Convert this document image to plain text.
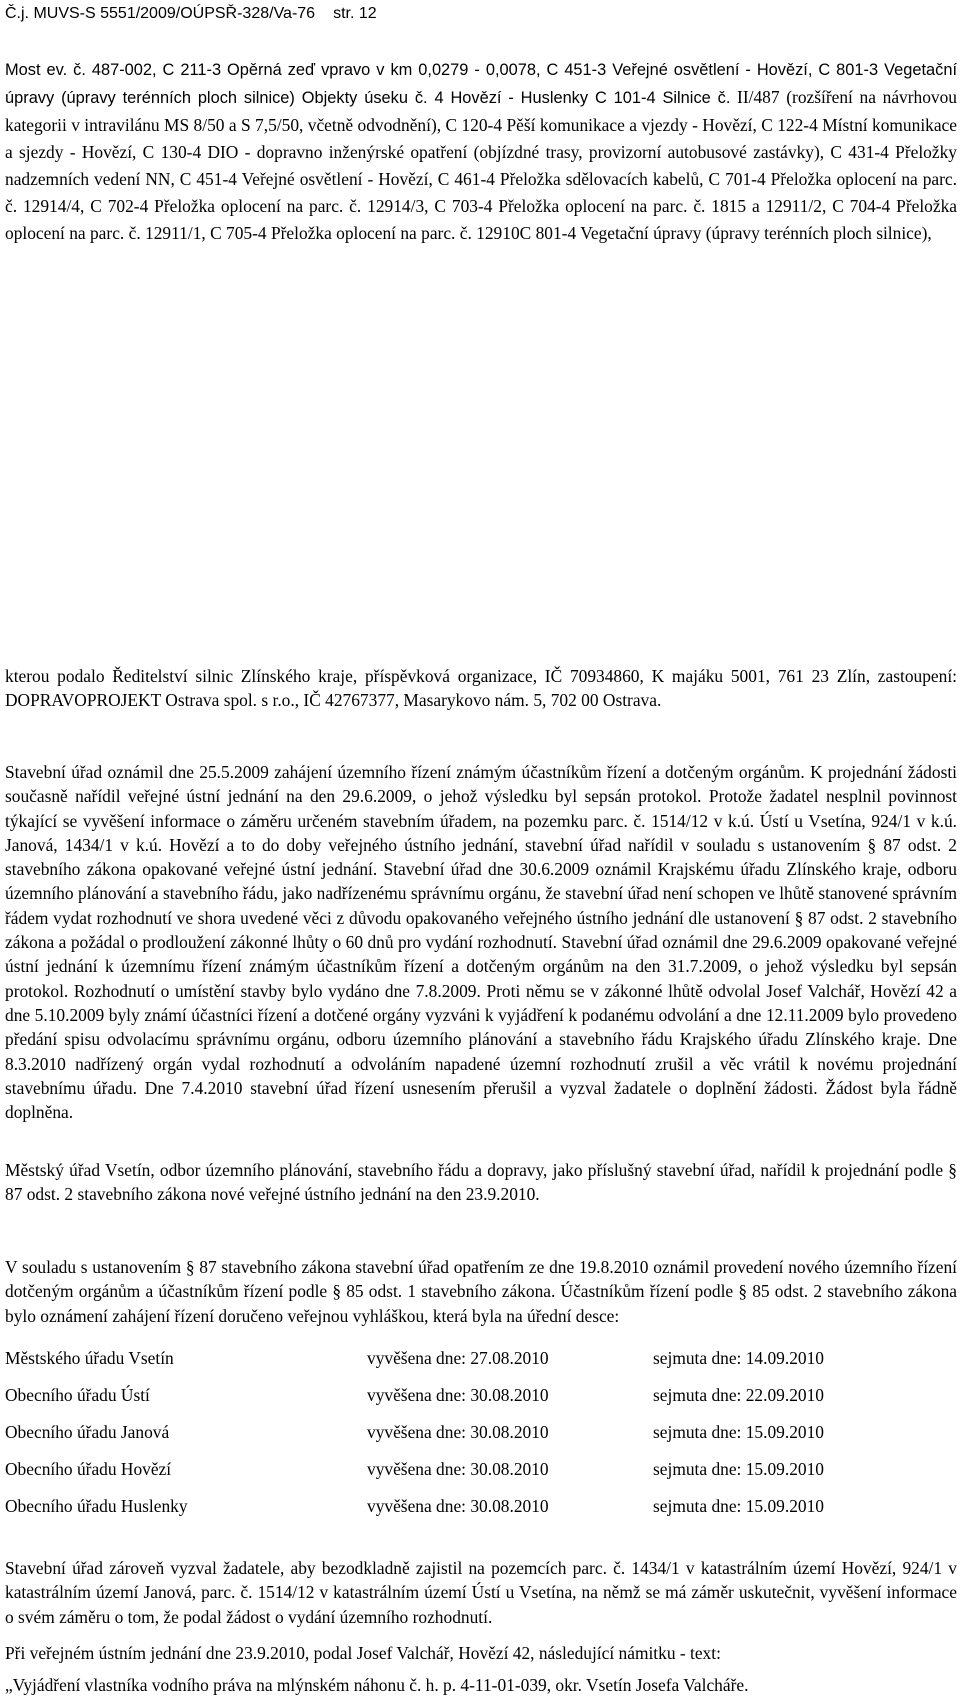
Č.j. MUVS-S 5551/2009/OÚPSŘ-328/Va-76 str. 12
Most ev. č. 487-002, C 211-3 Opěrná zeď vpravo v km 0,0279 - 0,0078, C 451-3 Veřejné osvětlení - Hovězí, C 801-3 Vegetační úpravy (úpravy terénních ploch silnice) Objekty úseku č. 4 Hovězí - Huslenky C 101-4 Silnice č. II/487 (rozšíření na návrhovou kategorii v intravilánu MS 8/50 a S 7,5/50, včetně odvodnění), C 120-4 Pěší komunikace a vjezdy - Hovězí, C 122-4 Místní komunikace a sjezdy - Hovězí, C 130-4 DIO - dopravno inženýrské opatření (objízdné trasy, provizorní autobusové zastávky), C 431-4 Přeložky nadzemních vedení NN, C 451-4 Veřejné osvětlení - Hovězí, C 461-4 Přeložka sdělovacích kabelů, C 701-4 Přeložka oplocení na parc. č. 12914/4, C 702-4 Přeložka oplocení na parc. č. 12914/3, C 703-4 Přeložka oplocení na parc. č. 1815 a 12911/2, C 704-4 Přeložka oplocení na parc. č. 12911/1, C 705-4 Přeložka oplocení na parc. č. 12910C 801-4 Vegetační úpravy (úpravy terénních ploch silnice),

kterou podalo Ředitelství silnic Zlínského kraje, příspěvková organizace, IČ 70934860, K majáku 5001, 761 23 Zlín, zastoupení: DOPRAVOPROJEKT Ostrava spol. s r.o., IČ 42767377, Masarykovo nám. 5, 702 00 Ostrava.

Stavební úřad oznámil dne 25.5.2009 zahájení územního řízení známým účastníkům řízení a dotčeným orgánům. K projednání žádosti současně nařídil veřejné ústní jednání na den 29.6.2009, o jehož výsledku byl sepsán protokol. Protože žadatel nesplnil povinnost týkající se vyvěšení informace o záměru určeném stavebním úřadem, na pozemku parc. č. 1514/12 v k.ú. Ústí u Vsetína, 924/1 v k.ú. Janová, 1434/1 v k.ú. Hovězí a to do doby veřejného ústního jednání, stavební úřad nařídil v souladu s ustanovením § 87 odst. 2 stavebního zákona opakované veřejné ústní jednání. Stavební úřad dne 30.6.2009 oznámil Krajskému úřadu Zlínského kraje, odboru územního plánování a stavebního řádu, jako nadřízenému správnímu orgánu, že stavební úřad není schopen ve lhůtě stanovené správním řádem vydat rozhodnutí ve shora uvedené věci z důvodu opakovaného veřejného ústního jednání dle ustanovení § 87 odst. 2 stavebního zákona a požádal o prodloužení zákonné lhůty o 60 dnů pro vydání rozhodnutí. Stavební úřad oznámil dne 29.6.2009 opakované veřejné ústní jednání k územnímu řízení známým účastníkům řízení a dotčeným orgánům na den 31.7.2009, o jehož výsledku byl sepsán protokol. Rozhodnutí o umístění stavby bylo vydáno dne 7.8.2009. Proti němu se v zákonné lhůtě odvolal Josef Valchář, Hovězí 42 a dne 5.10.2009 byly známí účastníci řízení a dotčené orgány vyzváni k vyjádření k podanému odvolání a dne 12.11.2009 bylo provedeno předání spisu odvolacímu správnímu orgánu, odboru územního plánování a stavebního řádu Krajského úřadu Zlínského kraje. Dne 8.3.2010 nadřízený orgán vydal rozhodnutí a odvoláním napadené územní rozhodnutí zrušil a věc vrátil k novému projednání stavebnímu úřadu. Dne 7.4.2010 stavební úřad řízení usnesením přerušil a vyzval žadatele o doplnění žádosti. Žádost byla řádně doplněna.

Městský úřad Vsetín, odbor územního plánování, stavebního řádu a dopravy, jako příslušný stavební úřad, nařídil k projednání podle § 87 odst. 2 stavebního zákona nové veřejné ústního jednání na den 23.9.2010.

V souladu s ustanovením § 87 stavebního zákona stavební úřad opatřením ze dne 19.8.2010 oznámil provedení nového územního řízení dotčeným orgánům a účastníkům řízení podle § 85 odst. 1 stavebního zákona. Účastníkům řízení podle § 85 odst. 2 stavebního zákona bylo oznámení zahájení řízení doručeno veřejnou vyhláškou, která byla na úřední desce:

Městského úřadu Vsetín	vyvěšena dne: 27.08.2010	sejmuta dne: 14.09.2010
Obecního úřadu Ústí	vyvěšena dne: 30.08.2010	sejmuta dne: 22.09.2010
Obecního úřadu Janová	vyvěšena dne: 30.08.2010	sejmuta dne: 15.09.2010
Obecního úřadu Hovězí	vyvěšena dne: 30.08.2010	sejmuta dne: 15.09.2010
Obecního úřadu Huslenky	vyvěšena dne: 30.08.2010	sejmuta dne: 15.09.2010

Stavební úřad zároveň vyzval žadatele, aby bezodkladně zajistil na pozemcích parc. č. 1434/1 v katastrálním území Hovězí, 924/1 v katastrálním území Janová, parc. č. 1514/12 v katastrálním území Ústí u Vsetína, na němž se má záměr uskutečnit, vyvěšení informace o svém záměru o tom, že podal žádost o vydání územního rozhodnutí.

Při veřejném ústním jednání dne 23.9.2010, podal Josef Valchář, Hovězí 42, následující námitku - text:

„Vyjádření vlastníka vodního práva na mlýnském náhonu č. h. p. 4-11-01-039, okr. Vsetín Josefa Valcháře.
